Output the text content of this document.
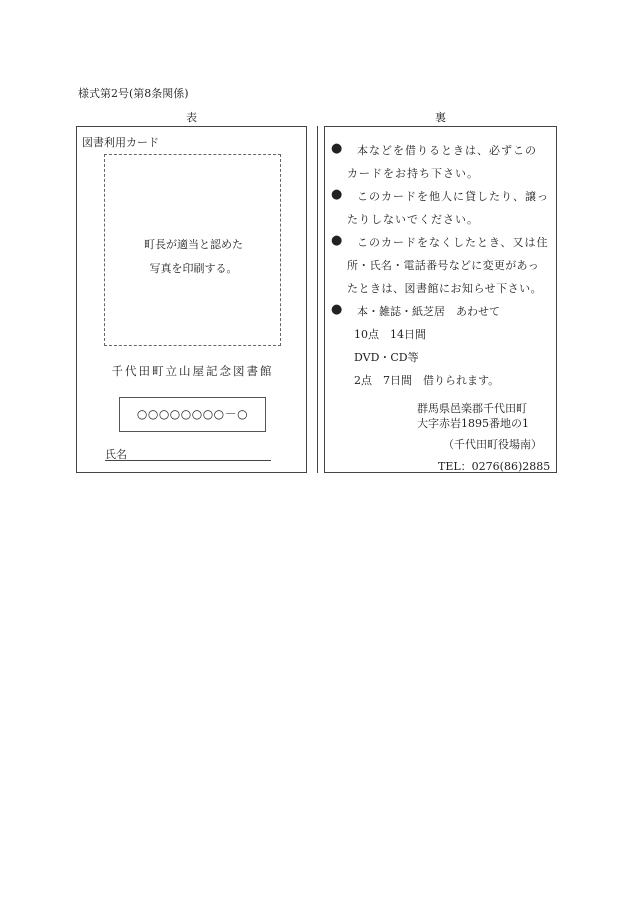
様式第2号(第8条関係)
表	裏
図書利用カード
町長が適当と認めた
写真を印刷する。
千代田町立山屋記念図書館
○○○○○○○○－○
氏名
● 本などを借りるときは、必ずこの
カードをお持ち下さい。
● このカードを他人に貸したり、譲っ
たりしないでください。
● このカードをなくしたとき、又は住
所・氏名・電話番号などに変更があっ
たときは、図書館にお知らせ下さい。
● 本・雑誌・紙芝居　あわせて
10点　14日間
DVD・CD等
2点　7日間　借りられます。
群馬県邑楽郡千代田町
大字赤岩1895番地の1
（千代田町役場南）
TEL：0276(86)2885
